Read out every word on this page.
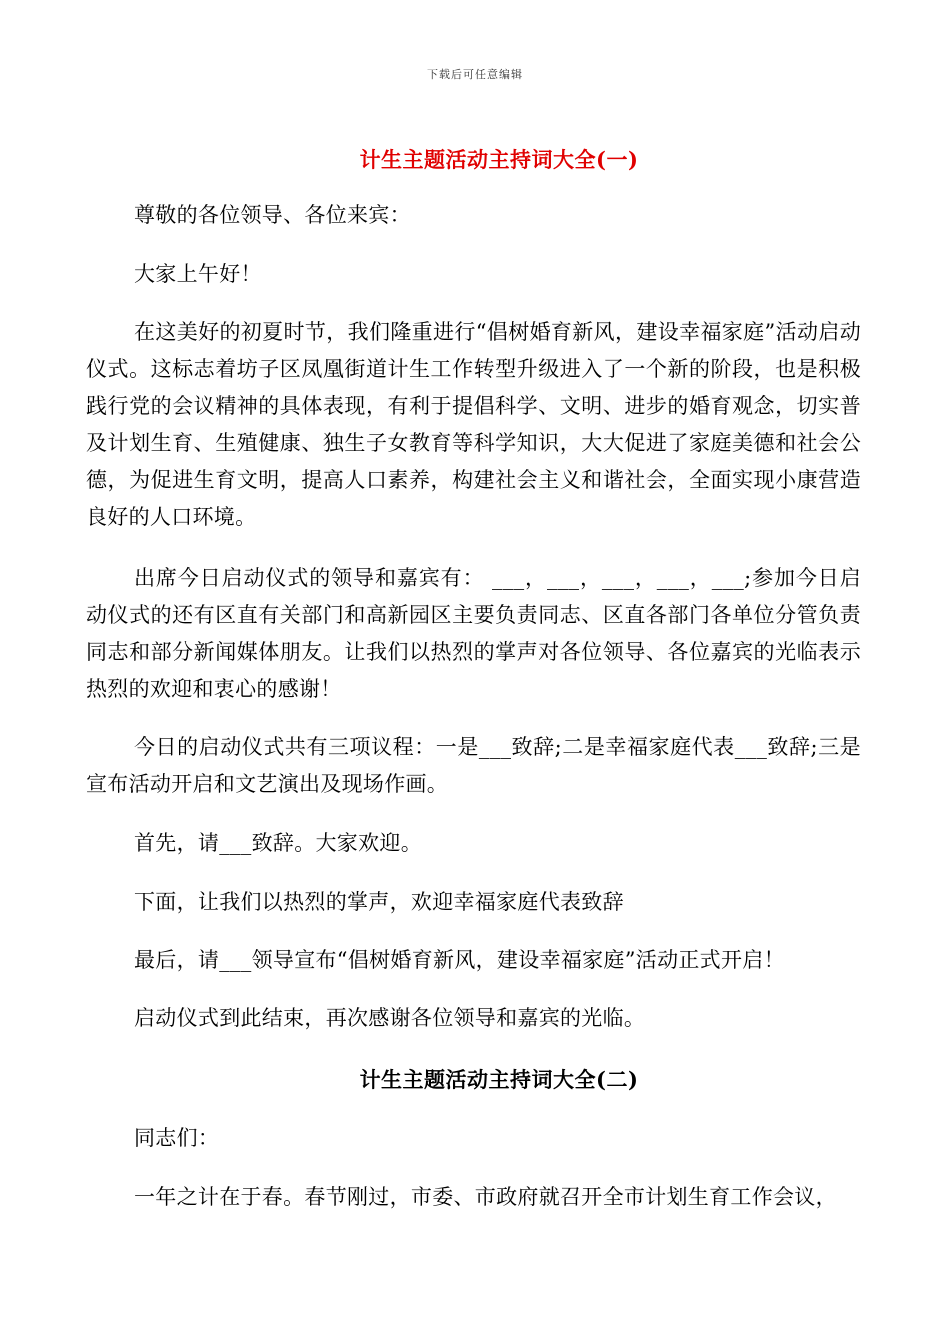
下载后可任意编辑
计生主题活动主持词大全(一)
尊敬的各位领导、各位来宾：
大家上午好！
在这美好的初夏时节，我们隆重进行“倡树婚育新风，建设幸福家庭”活动启动仪式。这标志着坊子区凤凰街道计生工作转型升级进入了一个新的阶段，也是积极践行党的会议精神的具体表现，有利于提倡科学、文明、进步的婚育观念，切实普及计划生育、生殖健康、独生子女教育等科学知识，大大促进了家庭美德和社会公德，为促进生育文明，提高人口素养，构建社会主义和谐社会，全面实现小康营造良好的人口环境。
出席今日启动仪式的领导和嘉宾有： ___，___，___，___，___;参加今日启动仪式的还有区直有关部门和高新园区主要负责同志、区直各部门各单位分管负责同志和部分新闻媒体朋友。让我们以热烈的掌声对各位领导、各位嘉宾的光临表示热烈的欢迎和衷心的感谢！
今日的启动仪式共有三项议程：一是___致辞;二是幸福家庭代表___致辞;三是宣布活动开启和文艺演出及现场作画。
首先，请___致辞。大家欢迎。
下面，让我们以热烈的掌声，欢迎幸福家庭代表致辞
最后，请___领导宣布“倡树婚育新风，建设幸福家庭”活动正式开启！
启动仪式到此结束，再次感谢各位领导和嘉宾的光临。
计生主题活动主持词大全(二)
同志们：
一年之计在于春。春节刚过，市委、市政府就召开全市计划生育工作会议，
